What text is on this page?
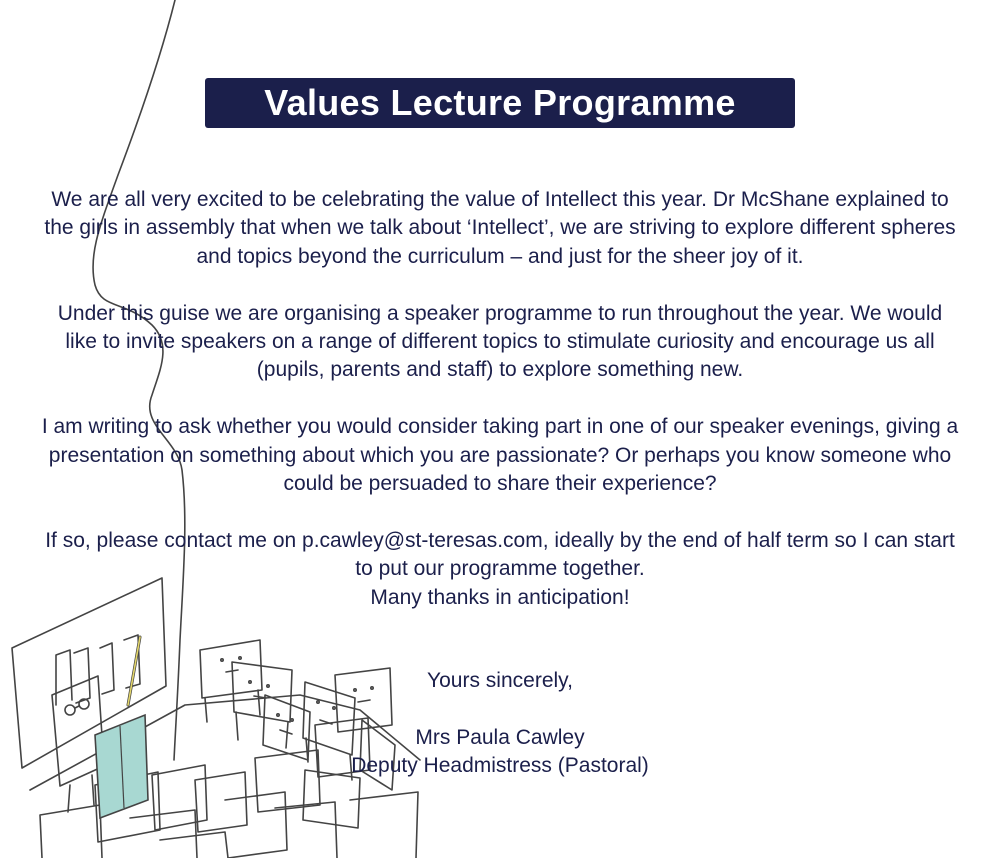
Values Lecture Programme

We are all very excited to be celebrating the value of Intellect this year. Dr McShane explained to the girls in assembly that when we talk about ‘Intellect’, we are striving to explore different spheres and topics beyond the curriculum – and just for the sheer joy of it.

Under this guise we are organising a speaker programme to run throughout the year. We would like to invite speakers on a range of different topics to stimulate curiosity and encourage us all (pupils, parents and staff) to explore something new.

I am writing to ask whether you would consider taking part in one of our speaker evenings, giving a presentation on something about which you are passionate? Or perhaps you know someone who could be persuaded to share their experience?

If so, please contact me on p.cawley@st-teresas.com, ideally by the end of half term so I can start to put our programme together.

Many thanks in anticipation!

Yours sincerely,
Mrs Paula Cawley
Deputy Headmistress (Pastoral)
